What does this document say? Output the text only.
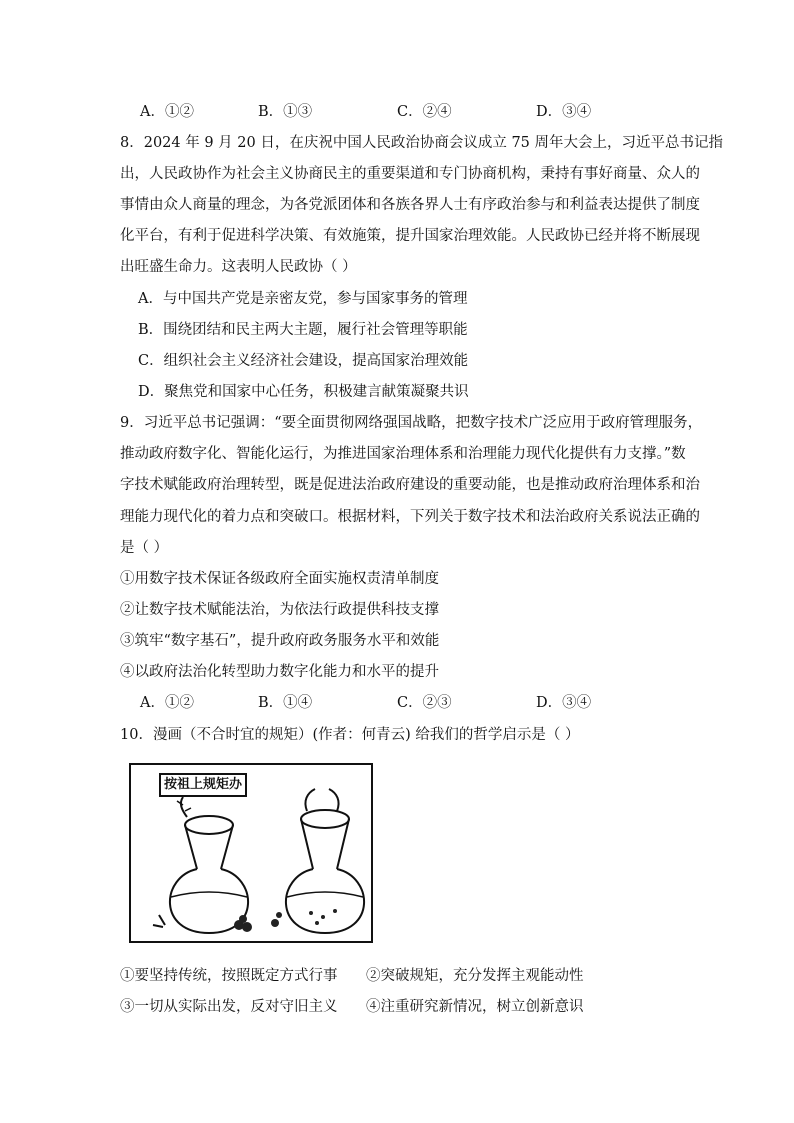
A．①②	B．①③	C．②④	D．③④
8．2024 年 9 月 20 日，在庆祝中国人民政治协商会议成立 75 周年大会上，习近平总书记指
出，人民政协作为社会主义协商民主的重要渠道和专门协商机构，秉持有事好商量、众人的
事情由众人商量的理念，为各党派团体和各族各界人士有序政治参与和利益表达提供了制度
化平台，有利于促进科学决策、有效施策，提升国家治理效能。人民政协已经并将不断展现
出旺盛生命力。这表明人民政协（ ）
A．与中国共产党是亲密友党，参与国家事务的管理
B．围绕团结和民主两大主题，履行社会管理等职能
C．组织社会主义经济社会建设，提高国家治理效能
D．聚焦党和国家中心任务，积极建言献策凝聚共识
9．习近平总书记强调：“要全面贯彻网络强国战略，把数字技术广泛应用于政府管理服务，
推动政府数字化、智能化运行，为推进国家治理体系和治理能力现代化提供有力支撑。”数
字技术赋能政府治理转型，既是促进法治政府建设的重要动能，也是推动政府治理体系和治
理能力现代化的着力点和突破口。根据材料，下列关于数字技术和法治政府关系说法正确的
是（ ）
①用数字技术保证各级政府全面实施权责清单制度
②让数字技术赋能法治，为依法行政提供科技支撑
③筑牢“数字基石”，提升政府政务服务水平和效能
④以政府法治化转型助力数字化能力和水平的提升
A．①②	B．①④	C．②③	D．③④
10．漫画（不合时宜的规矩）(作者：何青云) 给我们的哲学启示是（ ）
按祖上规矩办
①要坚持传统，按照既定方式行事 ②突破规矩，充分发挥主观能动性
③一切从实际出发，反对守旧主义 ④注重研究新情况，树立创新意识
